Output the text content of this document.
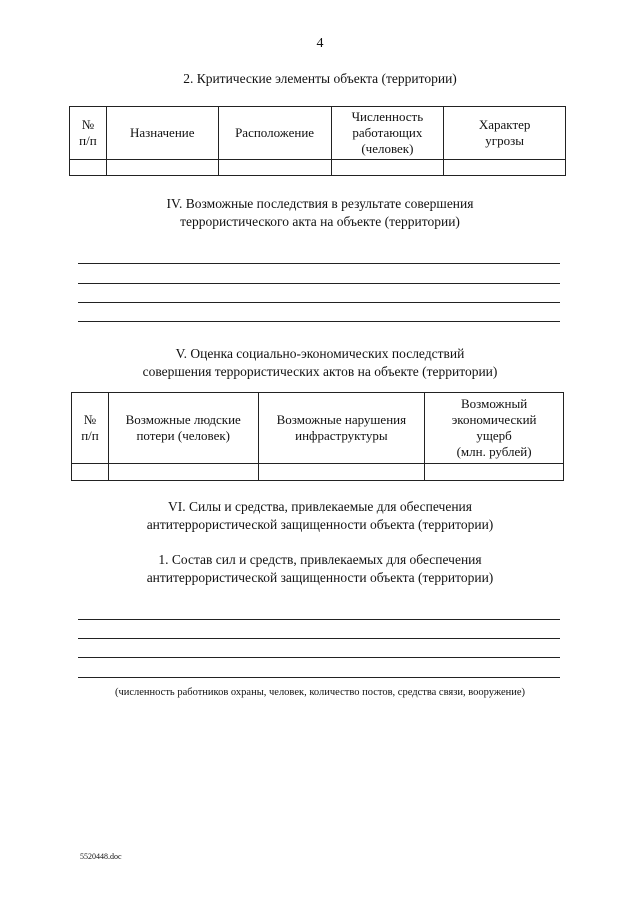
4
2. Критические элементы объекта (территории)
№
п/п	Назначение	Расположение	Численность
работающих
(человек)	Характер
угрозы

IV. Возможные последствия в результате совершения
террористического акта на объекте (территории)
V. Оценка социально-экономических последствий
совершения террористических актов на объекте (территории)
№
п/п	Возможные людские
потери (человек)	Возможные нарушения
инфраструктуры	Возможный
экономический
ущерб
(млн. рублей)

VI. Силы и средства, привлекаемые для обеспечения
антитеррористической защищенности объекта (территории)
1. Состав сил и средств, привлекаемых для обеспечения
антитеррористической защищенности объекта (территории)
(численность работников охраны, человек, количество постов, средства связи, вооружение)
5520448.doc
